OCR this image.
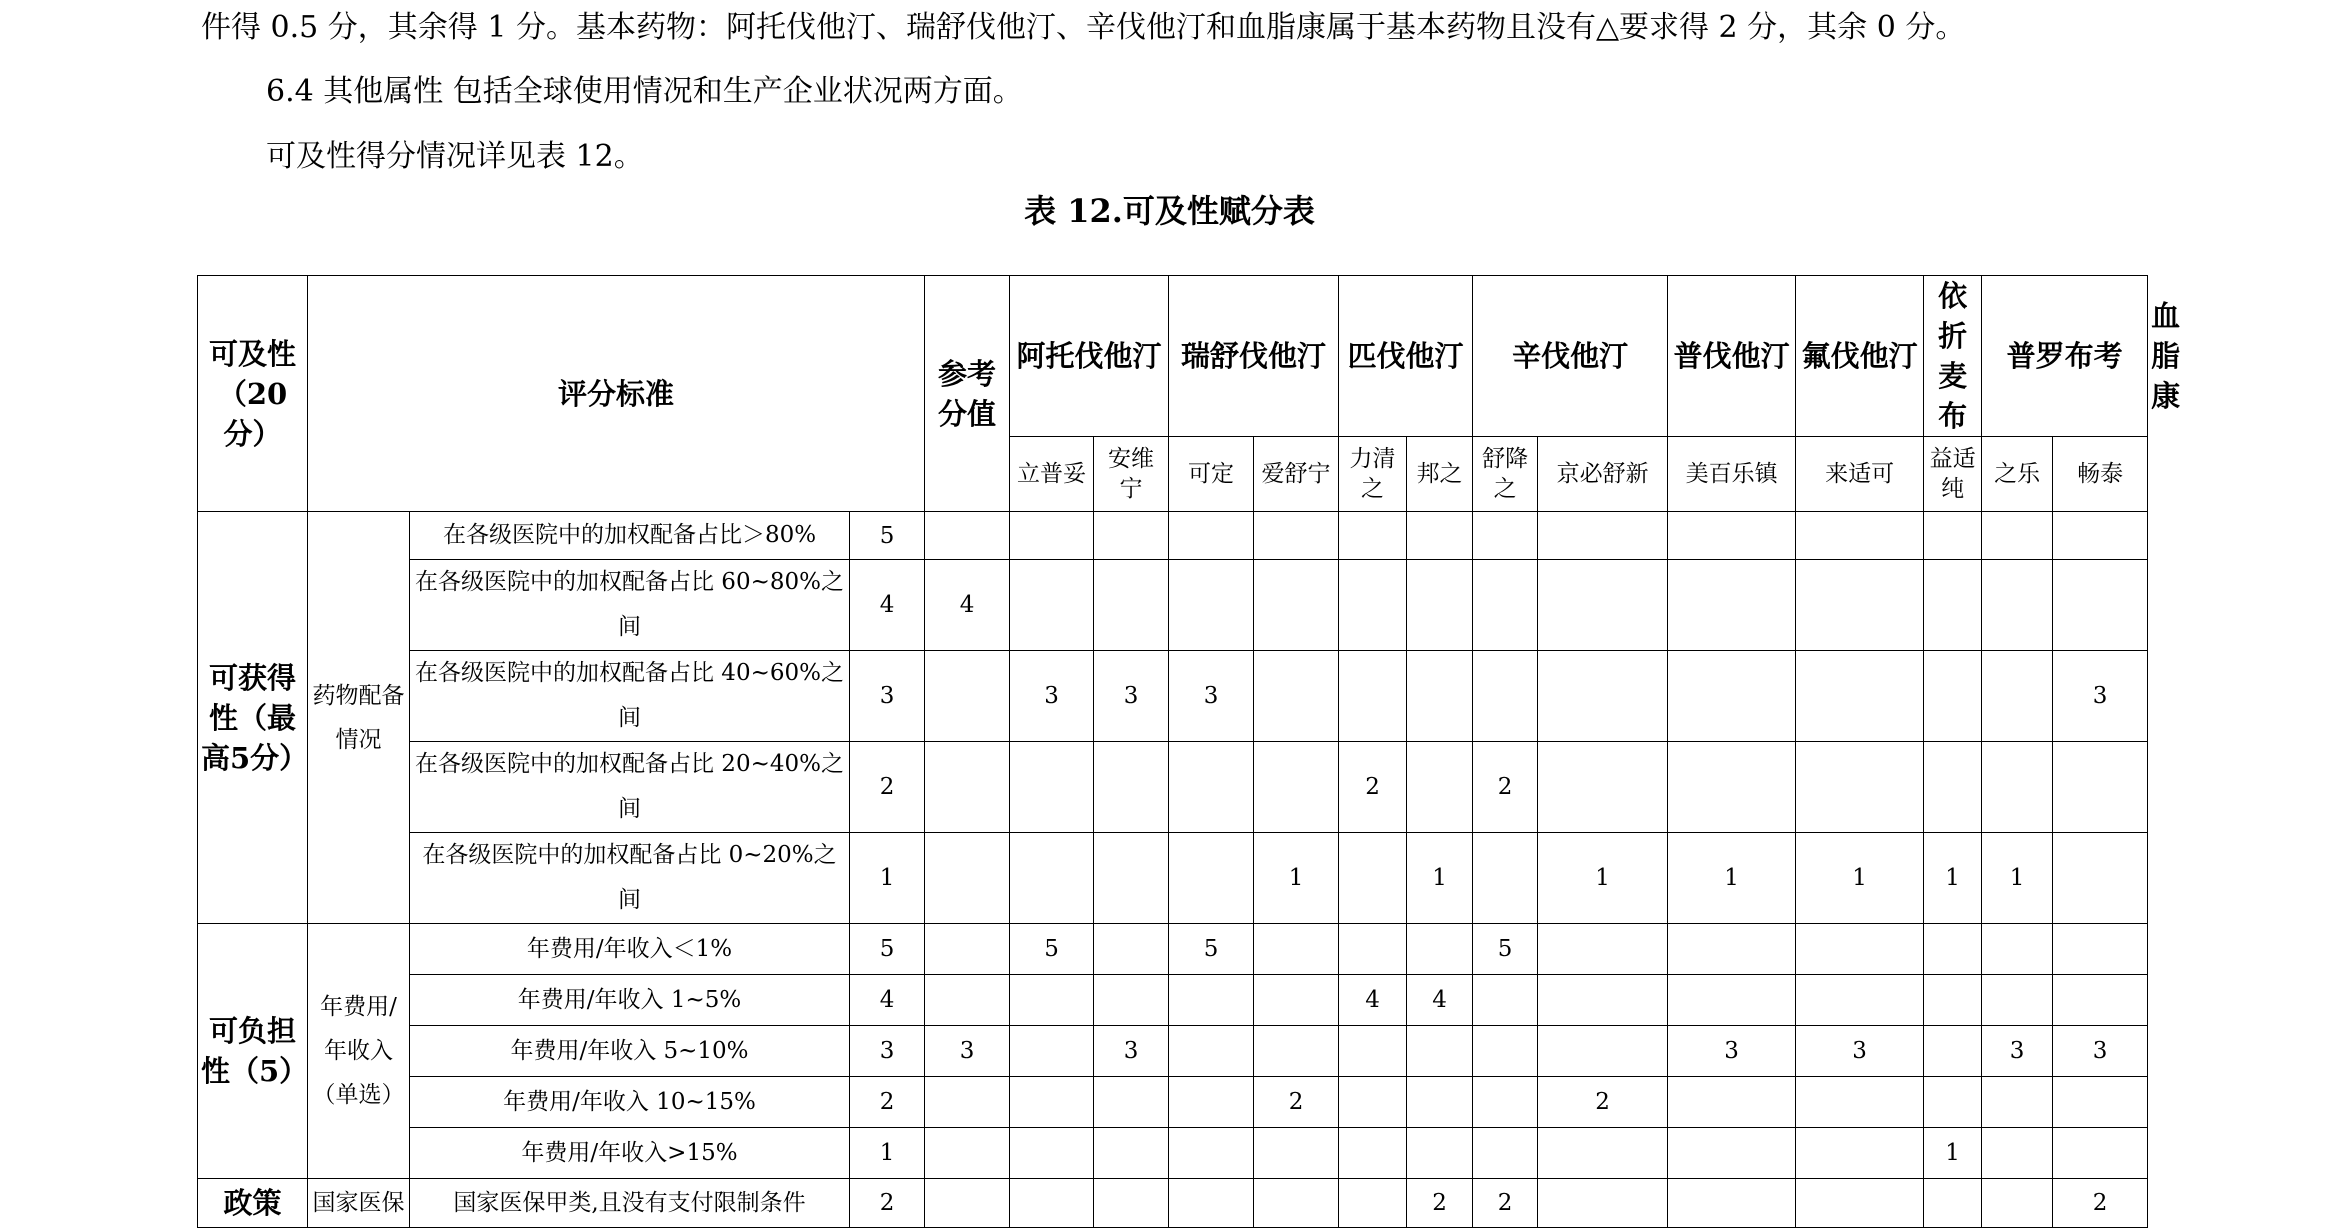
件得 0.5 分，其余得 1 分。基本药物：阿托伐他汀、瑞舒伐他汀、辛伐他汀和血脂康属于基本药物且没有△要求得 2 分，其余 0 分。
6.4 其他属性 包括全球使用情况和生产企业状况两方面。
可及性得分情况详见表 12。
表 12.可及性赋分表
可及性（20分）	评分标准			参考分值	阿托伐他汀		瑞舒伐他汀		匹伐他汀		辛伐他汀		普伐他汀	氟伐他汀	依折麦布	普罗布考		血脂康
					立普妥	安维宁	可定	爱舒宁	力清之	邦之	舒降之	京必舒新	美百乐镇	来适可	益适纯	之乐	畅泰	
可获得性（最高5分）	药物配备情况	在各级医院中的加权配备占比＞80%	5															
		在各级医院中的加权配备占比 60~80%之间	4	4														
		在各级医院中的加权配备占比 40~60%之间	3		3	3	3										3	
		在各级医院中的加权配备占比 20~40%之间	2						2		2							
		在各级医院中的加权配备占比 0~20%之间	1					1		1		1	1	1	1	1		
可负担性（5）	年费用/年收入（单选）	年费用/年收入＜1%	5		5		5				5							
		年费用/年收入 1~5%	4						4	4								
		年费用/年收入 5~10%	3	3		3							3	3		3	3	
		年费用/年收入 10~15%	2					2				2						
		年费用/年收入>15%	1												1			
政策	国家医保	国家医保甲类,且没有支付限制条件	2							2	2						2	
